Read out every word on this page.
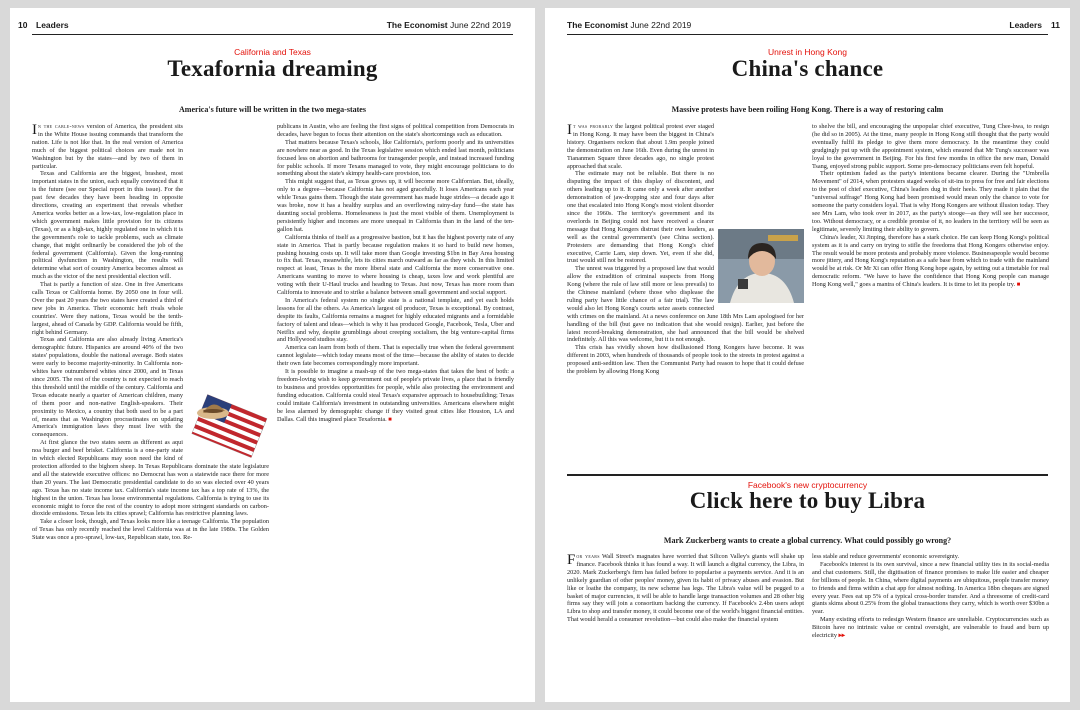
10 Leaders	The Economist June 22nd 2019
California and Texas
Texafornia dreaming
America's future will be written in the two mega-states

In the cable-news version of America, the president sits in the White House issuing commands that transform the nation. Life is not like that. In the real version of America much of the biggest political choices are made not in Washington but by the states—and by two of them in particular.

Texas and California are the biggest, brashest, most important states in the union, each equally convinced that it is the future (see our Special report in this issue). For the past few decades they have been heading in opposite directions, creating an experiment that reveals whether America works better as a low-tax, low-regulation place in which government makes little provision for its citizens (Texas), or as a high-tax, highly regulated one in which it is the government's role to tackle problems, such as climate change, that might ordinarily be considered the job of the federal government (California). Given the long-running political dysfunction in Washington, the results will determine what sort of country America becomes almost as much as the victor of the next presidential election will.

That is partly a function of size. One in five Americans calls Texas or California home. By 2050 one in four will. Over the past 20 years the two states have created a third of new jobs in America. Their economic heft rivals whole countries'. Were they nations, Texas would be the tenth-largest, ahead of Canada by GDP. California would be fifth, right behind Germany.

Texas and California are also already living America's demographic future. Hispanics are around 40% of the two states' populations, double the national average. Both states were early to become majority-minority. In California non-whites have outnumbered whites since 2000, and in Texas since 2005. The rest of the country is not expected to reach this threshold until the middle of the century. California and Texas educate nearly a quarter of American children, many of them poor and non-native English-speakers. Their proximity to Mexico, a country that both used to be a part of, means that as Washington procrastinates on updating America's immigration laws they must live with the consequences.

At first glance the two states seem as different as aqui noa burger and beef brisket. California is a one-party state in which elected Republicans may soon need the kind of protection afforded to the bighorn sheep. In Texas Republicans dominate the state legislature and all the statewide executive offices: no Democrat has won a statewide race there for more than 20 years. The last Democratic presidential candidate to do so was elected over 40 years ago. Texas has no state income tax. California's state income tax has a top rate of 13%, the highest in the union. Texas has loose environmental regulations. California is trying to use its economic might to force the rest of the country to adopt more stringent standards on carbon-dioxide emissions. Texas lets its cities sprawl; California has restrictive planning laws.

Take a closer look, though, and Texas looks more like a teenage California. The population of Texas has only recently reached the level California was at in the late 1980s. The Golden State was once a pro-sprawl, low-tax, Republican state, too. Re-

publicans in Austin, who are feeling the first signs of political competition from Democrats in decades, have begun to focus their attention on the state's shortcomings such as education.

That matters because Texas's schools, like California's, perform poorly and its universities are nowhere near as good. In the Texas legislative session which ended last month, politicians focused less on abortion and bathrooms for transgender people, and instead increased funding for public schools. If more Texans managed to vote, they might encourage politicians to do something about the state's skimpy health-care provision, too.

This might suggest that, as Texas grows up, it will become more Californian. But, ideally, only to a degree—because California has not aged gracefully. It loses Americans each year while Texas gains them. Though the state government has made huge strides—a decade ago it was broke, now it has a healthy surplus and an overflowing rainy-day fund—the state has daunting social problems. Homelessness is just the most visible of them. Unemployment is persistently higher and incomes are more unequal in California than in the land of the ten-gallon hat.

California thinks of itself as a progressive bastion, but it has the highest poverty rate of any state in America. That is partly because regulation makes it so hard to build new homes, pushing housing costs up. It will take more than Google investing $1bn in Bay Area housing to fix that. Texas, meanwhile, lets its cities march outward as far as they wish. In this limited respect at least, Texas is the more liberal state and California the more conservative one. Americans wanting to move to where housing is cheap, taxes low and work plentiful are voting with their U-Haul trucks and heading to Texas. Just now, Texas has more room than California to innovate and to strike a balance between small government and social support.

In America's federal system no single state is a national template, and yet each holds lessons for all the others. As America's largest oil producer, Texas is exceptional. By contrast, despite its faults, California remains a magnet for highly educated migrants and a formidable factory of talent and ideas—which is why it has produced Google, Facebook, Tesla, Uber and Netflix and why, despite grumblings about creeping socialism, the big venture-capital firms and Hollywood studios stay.

America can learn from both of them. That is especially true when the federal government cannot legislate—which today means most of the time—because the ability of states to decide their own fate becomes correspondingly more important.

It is possible to imagine a mash-up of the two mega-states that takes the best of both: a freedom-loving wish to keep government out of people's private lives, a place that is friendly to business and provides opportunities for people, while also protecting the environment and funding education. California could steal Texas's expansive approach to housebuilding; Texas could imitate California's investment in outstanding universities. Americans elsewhere might be less alarmed by demographic change if they visited great cities like Houston, LA and Dallas. Call this imagined place Texafornia. ■

The Economist June 22nd 2019	Leaders 11
Unrest in Hong Kong
China's chance
Massive protests have been roiling Hong Kong. There is a way of restoring calm

It was probably the largest political protest ever staged in Hong Kong. It may have been the biggest in China's history. Organisers reckon that about 1.9m people joined the demonstration on June 16th. Even during the unrest in Tiananmen Square three decades ago, no single protest approached that scale.

The estimate may not be reliable. But there is no disputing the impact of this display of discontent, and others leading up to it. It came only a week after another demonstration of jaw-dropping size and four days after one that escalated into Hong Kong's most violent disorder since the 1960s. The territory's government and its overlords in Beijing could not have received a clearer message that Hong Kongers distrust their own leaders, as well as the central government's (see China section). Protesters are demanding that Hong Kong's chief executive, Carrie Lam, step down. Yet, even if she did, trust would still not be restored.

The unrest was triggered by a proposed law that would allow the extradition of criminal suspects from Hong Kong (where the rule of law still more or less prevails) to the Chinese mainland (where those who displease the ruling party have little chance of a fair trial). The law would also let Hong Kong's courts seize assets connected with crimes on the mainland. At a news conference on June 18th Mrs Lam apologised for her handling of the bill (but gave no indication that she would resign). Earlier, just before the latest record-breaking demonstration, she had announced that the bill would be shelved indefinitely. All this was welcome, but it is not enough.

This crisis has vividly shown how disillusioned Hong Kongers have become. It was different in 2003, when hundreds of thousands of people took to the streets in protest against a proposed anti-sedition law. Then the Communist Party had reason to hope that it could defuse the problem by allowing Hong Kong

to shelve the bill, and encouraging the unpopular chief executive, Tung Chee-hwa, to resign (he did so in 2005). At the time, many people in Hong Kong still thought that the party would eventually fulfil its pledge to give them more democracy. In the meantime they could grudgingly put up with the appointment system, which ensured that Mr Tung's successor was loyal to the government in Beijing. For his first few months in office the new man, Donald Tsang, enjoyed strong public support. Some pro-democracy politicians even felt hopeful.

Their optimism faded as the party's intentions became clearer. During the "Umbrella Movement" of 2014, when protesters staged weeks of sit-ins to press for free and fair elections to the post of chief executive, China's leaders dug in their heels. They made it plain that the "universal suffrage" Hong Kong had been promised would mean only the chance to vote for someone the party considers loyal. That is why Hong Kongers are without illusion today. They see Mrs Lam, who took over in 2017, as the party's stooge—as they will see her successor, too. Without democracy, or a credible promise of it, no leaders in the territory will be seen as legitimate, severely limiting their ability to govern.

China's leader, Xi Jinping, therefore has a stark choice. He can keep Hong Kong's political system as it is and carry on trying to stifle the freedoms that Hong Kongers otherwise enjoy. The result would be more protests and probably more violence. Businesspeople would become more jittery, and Hong Kong's reputation as a safe base from which to trade with the mainland would be at risk. Or Mr Xi can offer Hong Kong hope again, by setting out a timetable for real democratic reform. "We have to have the confidence that Hong Kong people can manage Hong Kong well," goes a mantra of China's leaders. It is time to let its people try. ■

Facebook's new cryptocurrency
Click here to buy Libra
Mark Zuckerberg wants to create a global currency. What could possibly go wrong?

For years Wall Street's magnates have worried that Silicon Valley's giants will shake up finance. Facebook thinks it has found a way. It will launch a digital currency, the Libra, in 2020. Mark Zuckerberg's firm has failed before to popularise a payments service. And it is an unlikely guardian of other peoples' money, given its habit of privacy abuses and evasion. But like or loathe the company, its new scheme has legs. The Libra's value will be pegged to a basket of major currencies, it will be able to handle large transaction volumes and 28 other big firms say they will join a consortium backing the currency. If Facebook's 2.4bn users adopt Libra to shop and transfer money, it could become one of the world's biggest financial entities. That would herald a consumer revolution—but could also make the financial system

less stable and reduce governments' economic sovereignty.

Facebook's interest is its own survival, since a new financial utility ties in its social-media and chat customers. Still, the digitisation of finance promises to make life easier and cheaper for billions of people. In China, where digital payments are ubiquitous, people transfer money to friends and firms within a chat app for almost nothing. In America 18bn cheques are signed every year. Fees eat up 5% of a typical cross-border transfer. And a threesome of credit-card giants skims about 0.25% from the global transactions they carry, which is worth over $30bn a year.

Many existing efforts to redesign Western finance are unreliable. Cryptocurrencies such as Bitcoin have no intrinsic value or central oversight, are vulnerable to fraud and burn up electricity ▸▸
